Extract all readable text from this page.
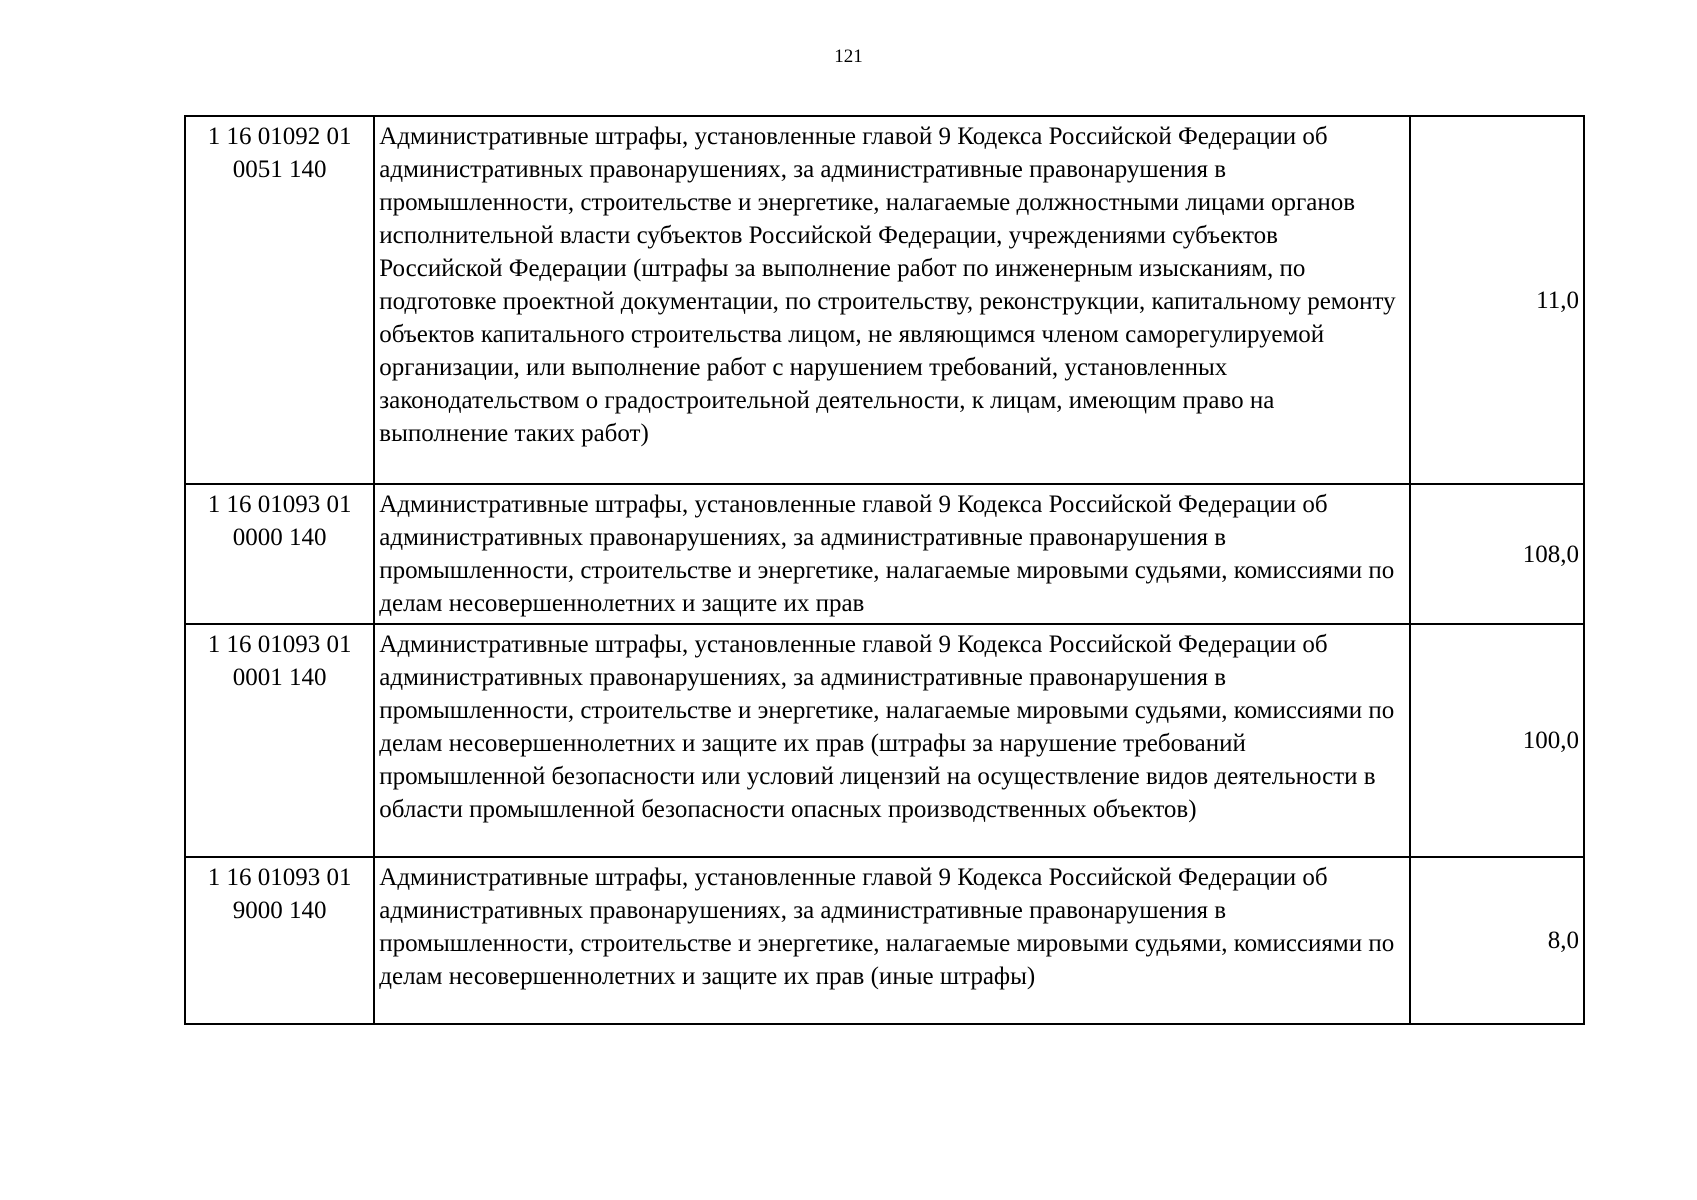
121
1 16 01092 01 0051 140	Административные штрафы, установленные главой 9 Кодекса Российской Федерации об административных правонарушениях, за административные правонарушения в промышленности, строительстве и энергетике, налагаемые должностными лицами органов исполнительной власти субъектов Российской Федерации, учреждениями субъектов Российской Федерации (штрафы за выполнение работ по инженерным изысканиям, по подготовке проектной документации, по строительству, реконструкции, капитальному ремонту объектов капитального строительства лицом, не являющимся членом саморегулируемой организации, или выполнение работ с нарушением требований, установленных законодательством о градостроительной деятельности, к лицам, имеющим право на выполнение таких работ)	11,0
1 16 01093 01 0000 140	Административные штрафы, установленные главой 9 Кодекса Российской Федерации об административных правонарушениях, за административные правонарушения в промышленности, строительстве и энергетике, налагаемые мировыми судьями, комиссиями по делам несовершеннолетних и защите их прав	108,0
1 16 01093 01 0001 140	Административные штрафы, установленные главой 9 Кодекса Российской Федерации об административных правонарушениях, за административные правонарушения в промышленности, строительстве и энергетике, налагаемые мировыми судьями, комиссиями по делам несовершеннолетних и защите их прав (штрафы за нарушение требований промышленной безопасности или условий лицензий на осуществление видов деятельности в области промышленной безопасности опасных производственных объектов)	100,0
1 16 01093 01 9000 140	Административные штрафы, установленные главой 9 Кодекса Российской Федерации об административных правонарушениях, за административные правонарушения в промышленности, строительстве и энергетике, налагаемые мировыми судьями, комиссиями по делам несовершеннолетних и защите их прав (иные штрафы)	8,0
